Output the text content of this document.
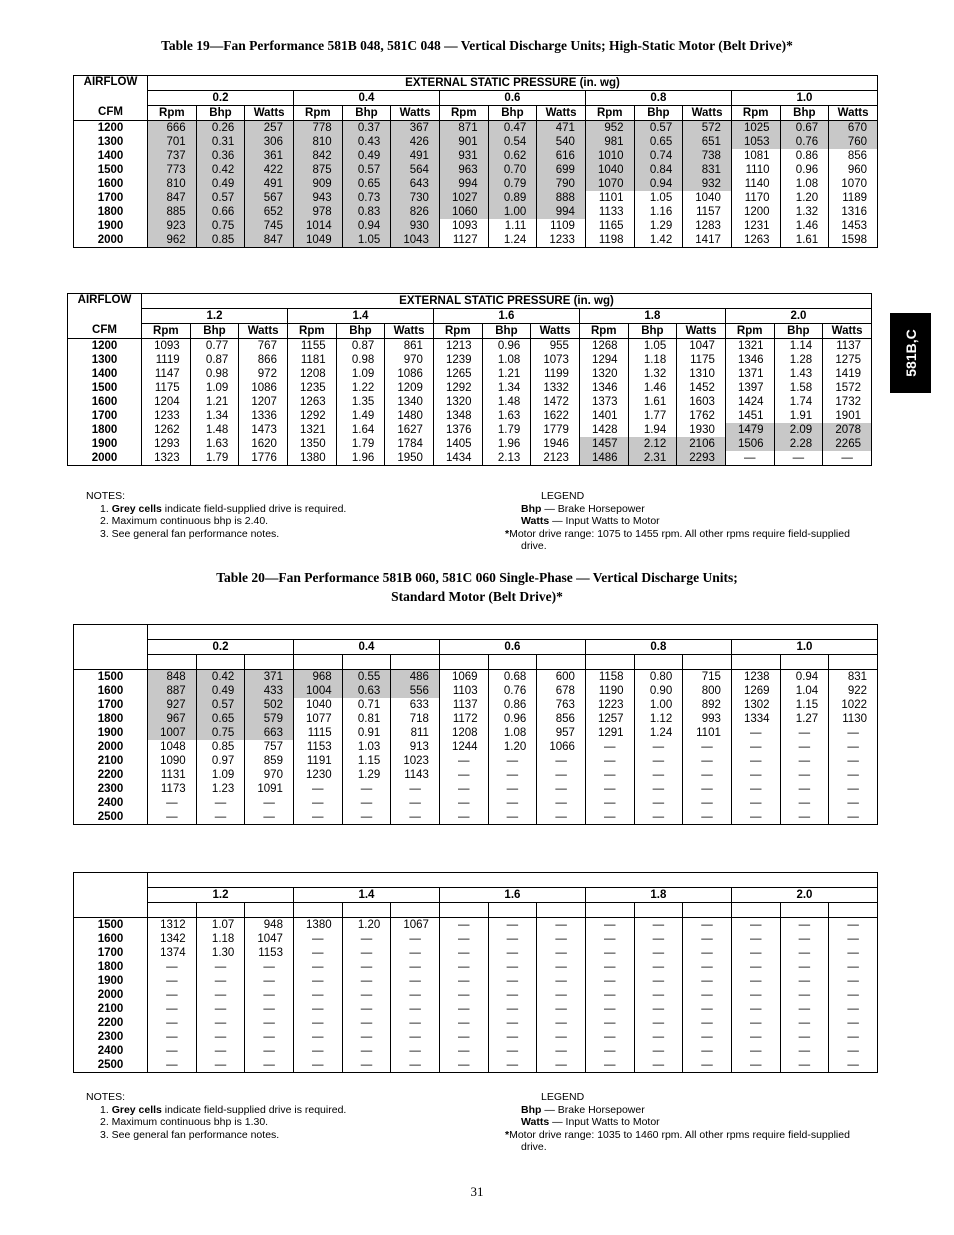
Table 19—Fan Performance 581B 048, 581C 048 — Vertical Discharge Units; High-Static Motor (Belt Drive)*
AIRFLOW	EXTERNAL STATIC PRESSURE (in. wg)														
	0.2			0.4			0.6			0.8			1.0		
CFM	Rpm	Bhp	Watts	Rpm	Bhp	Watts	Rpm	Bhp	Watts	Rpm	Bhp	Watts	Rpm	Bhp	Watts
1200	666	0.26	257	778	0.37	367	871	0.47	471	952	0.57	572	1025	0.67	670
1300	701	0.31	306	810	0.43	426	901	0.54	540	981	0.65	651	1053	0.76	760
1400	737	0.36	361	842	0.49	491	931	0.62	616	1010	0.74	738	1081	0.86	856
1500	773	0.42	422	875	0.57	564	963	0.70	699	1040	0.84	831	1110	0.96	960
1600	810	0.49	491	909	0.65	643	994	0.79	790	1070	0.94	932	1140	1.08	1070
1700	847	0.57	567	943	0.73	730	1027	0.89	888	1101	1.05	1040	1170	1.20	1189
1800	885	0.66	652	978	0.83	826	1060	1.00	994	1133	1.16	1157	1200	1.32	1316
1900	923	0.75	745	1014	0.94	930	1093	1.11	1109	1165	1.29	1283	1231	1.46	1453
2000	962	0.85	847	1049	1.05	1043	1127	1.24	1233	1198	1.42	1417	1263	1.61	1598
AIRFLOW	EXTERNAL STATIC PRESSURE (in. wg)														
	1.2			1.4			1.6			1.8			2.0		
CFM	Rpm	Bhp	Watts	Rpm	Bhp	Watts	Rpm	Bhp	Watts	Rpm	Bhp	Watts	Rpm	Bhp	Watts
1200	1093	0.77	767	1155	0.87	861	1213	0.96	955	1268	1.05	1047	1321	1.14	1137
1300	1119	0.87	866	1181	0.98	970	1239	1.08	1073	1294	1.18	1175	1346	1.28	1275
1400	1147	0.98	972	1208	1.09	1086	1265	1.21	1199	1320	1.32	1310	1371	1.43	1419
1500	1175	1.09	1086	1235	1.22	1209	1292	1.34	1332	1346	1.46	1452	1397	1.58	1572
1600	1204	1.21	1207	1263	1.35	1340	1320	1.48	1472	1373	1.61	1603	1424	1.74	1732
1700	1233	1.34	1336	1292	1.49	1480	1348	1.63	1622	1401	1.77	1762	1451	1.91	1901
1800	1262	1.48	1473	1321	1.64	1627	1376	1.79	1779	1428	1.94	1930	1479	2.09	2078
1900	1293	1.63	1620	1350	1.79	1784	1405	1.96	1946	1457	2.12	2106	1506	2.28	2265
2000	1323	1.79	1776	1380	1.96	1950	1434	2.13	2123	1486	2.31	2293	—	—	—
NOTES:
1. Grey cells indicate field-supplied drive is required.
2. Maximum continuous bhp is 2.40.
3. See general fan performance notes.
LEGEND
Bhp — Brake Horsepower
Watts — Input Watts to Motor
*Motor drive range: 1075 to 1455 rpm. All other rpms require field-supplied
drive.
Table 20—Fan Performance 581B 060, 581C 060 Single-Phase — Vertical Discharge Units;
Standard Motor (Belt Drive)*

	0.2			0.4			0.6			0.8			1.0		

1500	848	0.42	371	968	0.55	486	1069	0.68	600	1158	0.80	715	1238	0.94	831
1600	887	0.49	433	1004	0.63	556	1103	0.76	678	1190	0.90	800	1269	1.04	922
1700	927	0.57	502	1040	0.71	633	1137	0.86	763	1223	1.00	892	1302	1.15	1022
1800	967	0.65	579	1077	0.81	718	1172	0.96	856	1257	1.12	993	1334	1.27	1130
1900	1007	0.75	663	1115	0.91	811	1208	1.08	957	1291	1.24	1101	—	—	—
2000	1048	0.85	757	1153	1.03	913	1244	1.20	1066	—	—	—	—	—	—
2100	1090	0.97	859	1191	1.15	1023	—	—	—	—	—	—	—	—	—
2200	1131	1.09	970	1230	1.29	1143	—	—	—	—	—	—	—	—	—
2300	1173	1.23	1091	—	—	—	—	—	—	—	—	—	—	—	—
2400	—	—	—	—	—	—	—	—	—	—	—	—	—	—	—
2500	—	—	—	—	—	—	—	—	—	—	—	—	—	—	—

	1.2			1.4			1.6			1.8			2.0		

1500	1312	1.07	948	1380	1.20	1067	—	—	—	—	—	—	—	—	—
1600	1342	1.18	1047	—	—	—	—	—	—	—	—	—	—	—	—
1700	1374	1.30	1153	—	—	—	—	—	—	—	—	—	—	—	—
1800	—	—	—	—	—	—	—	—	—	—	—	—	—	—	—
1900	—	—	—	—	—	—	—	—	—	—	—	—	—	—	—
2000	—	—	—	—	—	—	—	—	—	—	—	—	—	—	—
2100	—	—	—	—	—	—	—	—	—	—	—	—	—	—	—
2200	—	—	—	—	—	—	—	—	—	—	—	—	—	—	—
2300	—	—	—	—	—	—	—	—	—	—	—	—	—	—	—
2400	—	—	—	—	—	—	—	—	—	—	—	—	—	—	—
2500	—	—	—	—	—	—	—	—	—	—	—	—	—	—	—
NOTES:
1. Grey cells indicate field-supplied drive is required.
2. Maximum continuous bhp is 1.30.
3. See general fan performance notes.
LEGEND
Bhp — Brake Horsepower
Watts — Input Watts to Motor
*Motor drive range: 1035 to 1460 rpm. All other rpms require field-supplied
drive.
581B,C
31
